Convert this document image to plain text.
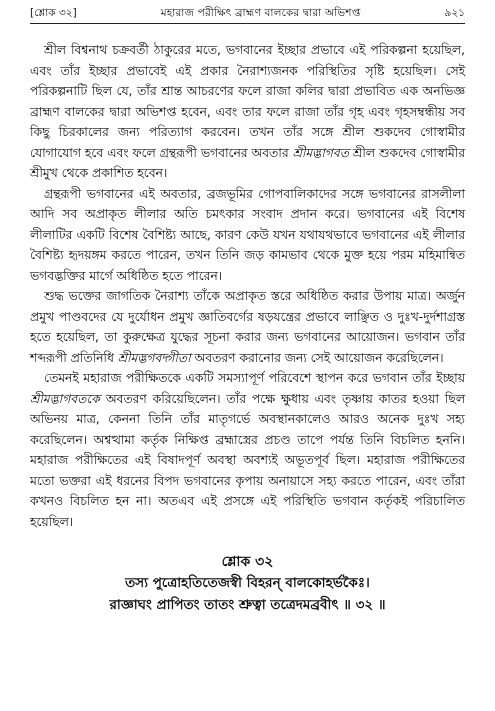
[শ্লোক ৩২]	মহারাজ পরীক্ষিৎ ব্রাহ্মণ বালকের দ্বারা অভিশপ্ত	৯২১

শ্রীল বিশ্বনাথ চক্রবর্তী ঠাকুরের মতে, ভগবানের ইচ্ছার প্রভাবে এই পরিকল্পনা হয়েছিল, এবং তাঁর ইচ্ছার প্রভাবেই এই প্রকার নৈরাশ্যজনক পরিস্থিতির সৃষ্টি হয়েছিল। সেই পরিকল্পনাটি ছিল যে, তাঁর শ্রান্ত আচরণের ফলে রাজা কলির দ্বারা প্রভাবিত এক অনভিজ্ঞ ব্রাহ্মণ বালকের দ্বারা অভিশপ্ত হবেন, এবং তার ফলে রাজা তাঁর গৃহ এবং গৃহসম্বন্ধীয় সব কিছু চিরকালের জন্য পরিত্যাগ করবেন। তখন তাঁর সঙ্গে শ্রীল শুকদেব গোস্বামীর যোগাযোগ হবে এবং ফলে গ্রন্থরূপী ভগবানের অবতার শ্রীমদ্ভাগবত শ্রীল শুকদেব গোস্বামীর শ্রীমুখ থেকে প্রকাশিত হবেন।

গ্রন্থরূপী ভগবানের এই অবতার, ব্রজভূমির গোপবালিকাদের সঙ্গে ভগবানের রাসলীলা আদি সব অপ্রাকৃত লীলার অতি চমৎকার সংবাদ প্রদান করে। ভগবানের এই বিশেষ লীলাটির একটি বিশেষ বৈশিষ্ট্য আছে, কারণ কেউ যখন যথাযথভাবে ভগবানের এই লীলার বৈশিষ্ট্য হৃদয়ঙ্গম করতে পারেন, তখন তিনি জড় কামভাব থেকে মুক্ত হয়ে পরম মহিমান্বিত ভগবদ্ভক্তির মার্গে অধিষ্ঠিত হতে পারেন।

শুদ্ধ ভক্তের জাগতিক নৈরাশ্য তাঁকে অপ্রাকৃত স্তরে অধিষ্ঠিত করার উপায় মাত্র। অর্জুন প্রমুখ পাণ্ডবদের যে দুর্যোধন প্রমুখ জ্ঞাতিবর্গের ষড়যন্ত্রের প্রভাবে লাঞ্ছিত ও দুঃখ-দুর্দশাগ্রস্ত হতে হয়েছিল, তা কুরুক্ষেত্র যুদ্ধের সূচনা করার জন্য ভগবানের আয়োজন। ভগবান তাঁর শব্দরূপী প্রতিনিধি শ্রীমদ্ভগবদ্গীতা অবতরণ করানোর জন্য সেই আয়োজন করেছিলেন।

তেমনই মহারাজ পরীক্ষিতকে একটি সমস্যাপূর্ণ পরিবেশে স্থাপন করে ভগবান তাঁর ইচ্ছায় শ্রীমদ্ভাগবতকে অবতরণ করিয়েছিলেন। তাঁর পক্ষে ক্ষুধায় এবং তৃষ্ণায় কাতর হওয়া ছিল অভিনয় মাত্র, কেননা তিনি তাঁর মাতৃগর্ভে অবস্থানকালেও আরও অনেক দুঃখ সহ্য করেছিলেন। অশ্বত্থামা কর্তৃক নিক্ষিপ্ত ব্রহ্মাস্ত্রের প্রচণ্ড তাপে পর্যন্ত তিনি বিচলিত হননি। মহারাজ পরীক্ষিতের এই বিষাদপূর্ণ অবস্থা অবশ্যই অভূতপূর্ব ছিল। মহারাজ পরীক্ষিতের মতো ভক্তরা এই ধরনের বিপদ ভগবানের কৃপায় অনায়াসে সহ্য করতে পারেন, এবং তাঁরা কখনও বিচলিত হন না। অতএব এই প্রসঙ্গে এই পরিস্থিতি ভগবান কর্তৃকই পরিচালিত হয়েছিল।

শ্লোক ৩২
তস্য পুত্রোহতিতেজস্বী বিহরন্ বালকোহর্ভকৈঃ।
রাজ্ঞাঘং প্রাপিতং তাতং শ্রুত্বা তত্রেদমব্রবীৎ ॥ ৩২ ॥
